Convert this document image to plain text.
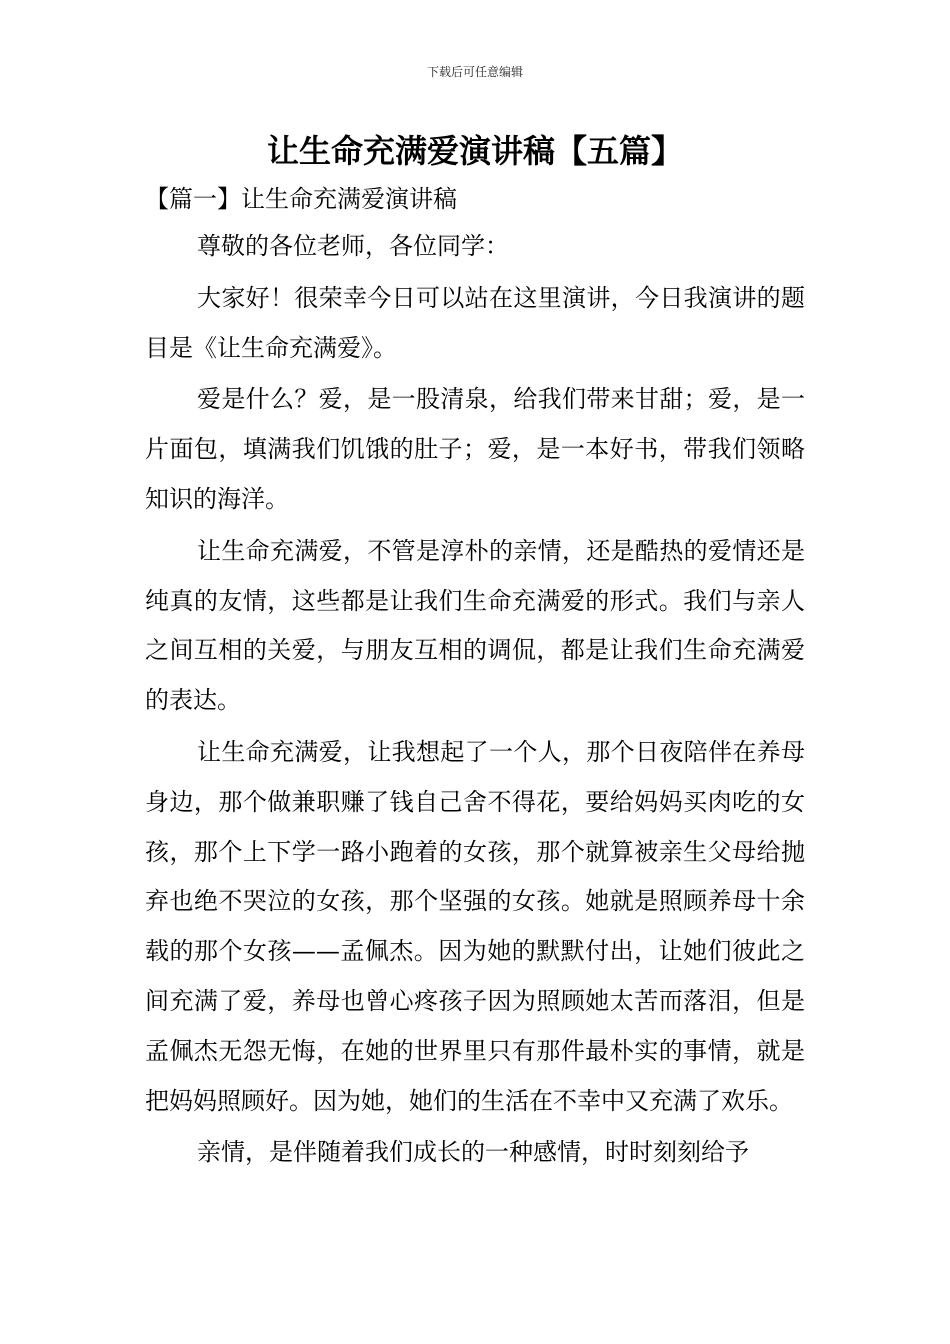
下载后可任意编辑
让生命充满爱演讲稿【五篇】
【篇一】让生命充满爱演讲稿

尊敬的各位老师，各位同学：

大家好！很荣幸今日可以站在这里演讲，今日我演讲的题目是《让生命充满爱》。

爱是什么？爱，是一股清泉，给我们带来甘甜；爱，是一片面包，填满我们饥饿的肚子；爱，是一本好书，带我们领略知识的海洋。

让生命充满爱，不管是淳朴的亲情，还是酷热的爱情还是纯真的友情，这些都是让我们生命充满爱的形式。我们与亲人之间互相的关爱，与朋友互相的调侃，都是让我们生命充满爱的表达。

让生命充满爱，让我想起了一个人，那个日夜陪伴在养母身边，那个做兼职赚了钱自己舍不得花，要给妈妈买肉吃的女孩，那个上下学一路小跑着的女孩，那个就算被亲生父母给抛弃也绝不哭泣的女孩，那个坚强的女孩。她就是照顾养母十余载的那个女孩——孟佩杰。因为她的默默付出，让她们彼此之间充满了爱，养母也曾心疼孩子因为照顾她太苦而落泪，但是孟佩杰无怨无悔，在她的世界里只有那件最朴实的事情，就是把妈妈照顾好。因为她，她们的生活在不幸中又充满了欢乐。

亲情，是伴随着我们成长的一种感情，时时刻刻给予
